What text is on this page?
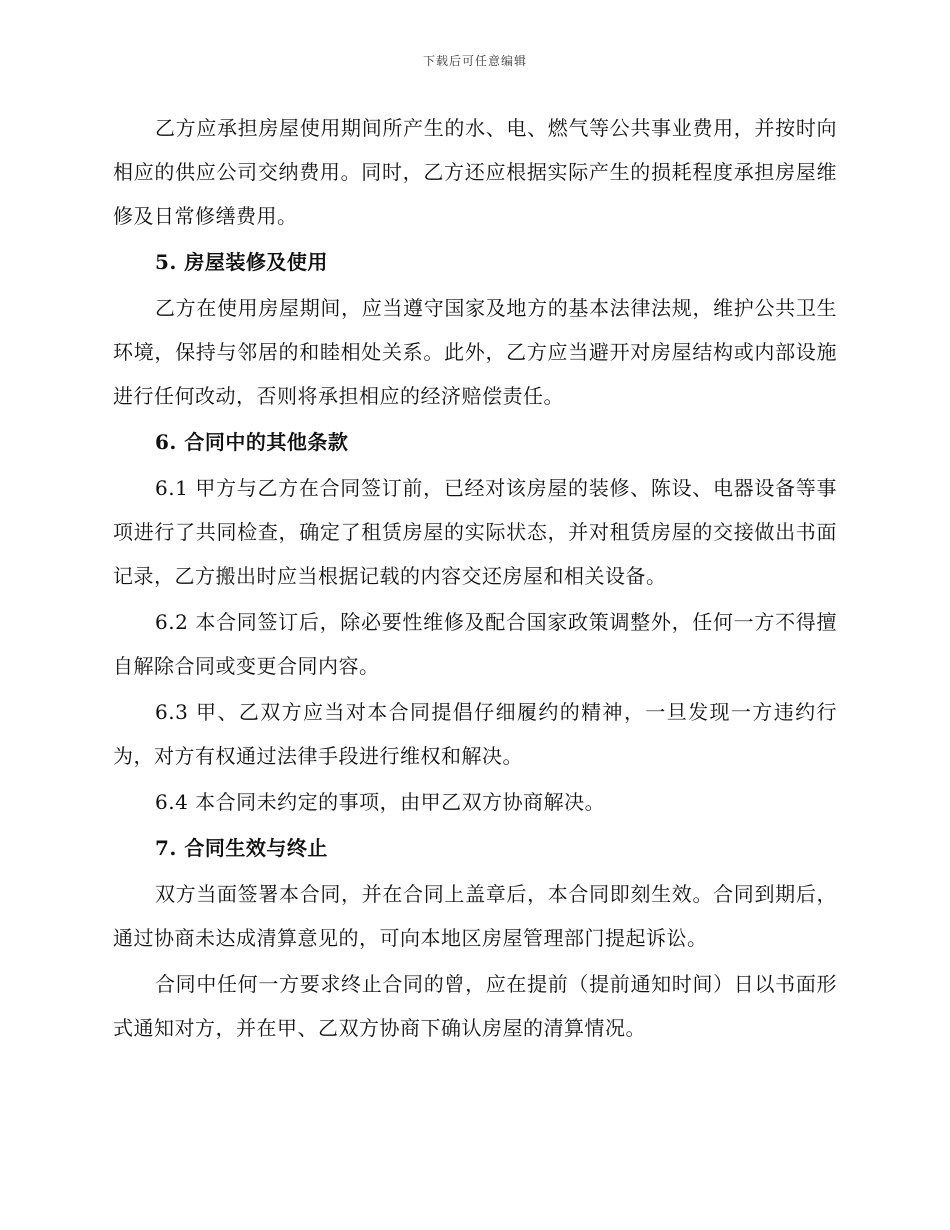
下载后可任意编辑

乙方应承担房屋使用期间所产生的水、电、燃气等公共事业费用，并按时向相应的供应公司交纳费用。同时，乙方还应根据实际产生的损耗程度承担房屋维修及日常修缮费用。

5. 房屋装修及使用

乙方在使用房屋期间，应当遵守国家及地方的基本法律法规，维护公共卫生环境，保持与邻居的和睦相处关系。此外，乙方应当避开对房屋结构或内部设施进行任何改动，否则将承担相应的经济赔偿责任。

6. 合同中的其他条款

6.1 甲方与乙方在合同签订前，已经对该房屋的装修、陈设、电器设备等事项进行了共同检查，确定了租赁房屋的实际状态，并对租赁房屋的交接做出书面记录，乙方搬出时应当根据记载的内容交还房屋和相关设备。

6.2 本合同签订后，除必要性维修及配合国家政策调整外，任何一方不得擅自解除合同或变更合同内容。

6.3 甲、乙双方应当对本合同提倡仔细履约的精神，一旦发现一方违约行为，对方有权通过法律手段进行维权和解决。

6.4 本合同未约定的事项，由甲乙双方协商解决。

7. 合同生效与终止

双方当面签署本合同，并在合同上盖章后，本合同即刻生效。合同到期后，通过协商未达成清算意见的，可向本地区房屋管理部门提起诉讼。

合同中任何一方要求终止合同的曾，应在提前（提前通知时间）日以书面形式通知对方，并在甲、乙双方协商下确认房屋的清算情况。
